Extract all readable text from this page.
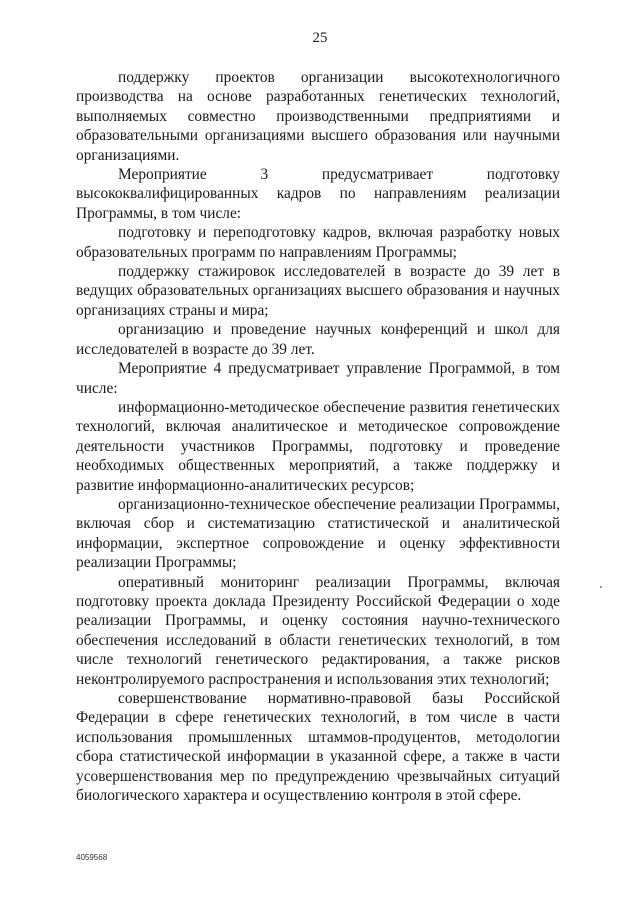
25

поддержку проектов организации высокотехнологичного производства на основе разработанных генетических технологий, выполняемых совместно производственными предприятиями и образовательными организациями высшего образования или научными организациями.

Мероприятие 3 предусматривает подготовку высококвалифицированных кадров по направлениям реализации Программы, в том числе:

подготовку и переподготовку кадров, включая разработку новых образовательных программ по направлениям Программы;

поддержку стажировок исследователей в возрасте до 39 лет в ведущих образовательных организациях высшего образования и научных организациях страны и мира;

организацию и проведение научных конференций и школ для исследователей в возрасте до 39 лет.

Мероприятие 4 предусматривает управление Программой, в том числе:

информационно-методическое обеспечение развития генетических технологий, включая аналитическое и методическое сопровождение деятельности участников Программы, подготовку и проведение необходимых общественных мероприятий, а также поддержку и развитие информационно-аналитических ресурсов;

организационно-техническое обеспечение реализации Программы, включая сбор и систематизацию статистической и аналитической информации, экспертное сопровождение и оценку эффективности реализации Программы;

оперативный мониторинг реализации Программы, включая подготовку проекта доклада Президенту Российской Федерации о ходе реализации Программы, и оценку состояния научно-технического обеспечения исследований в области генетических технологий, в том числе технологий генетического редактирования, а также рисков неконтролируемого распространения и использования этих технологий;

совершенствование нормативно-правовой базы Российской Федерации в сфере генетических технологий, в том числе в части использования промышленных штаммов-продуцентов, методологии сбора статистической информации в указанной сфере, а также в части усовершенствования мер по предупреждению чрезвычайных ситуаций биологического характера и осуществлению контроля в этой сфере.

4059568
